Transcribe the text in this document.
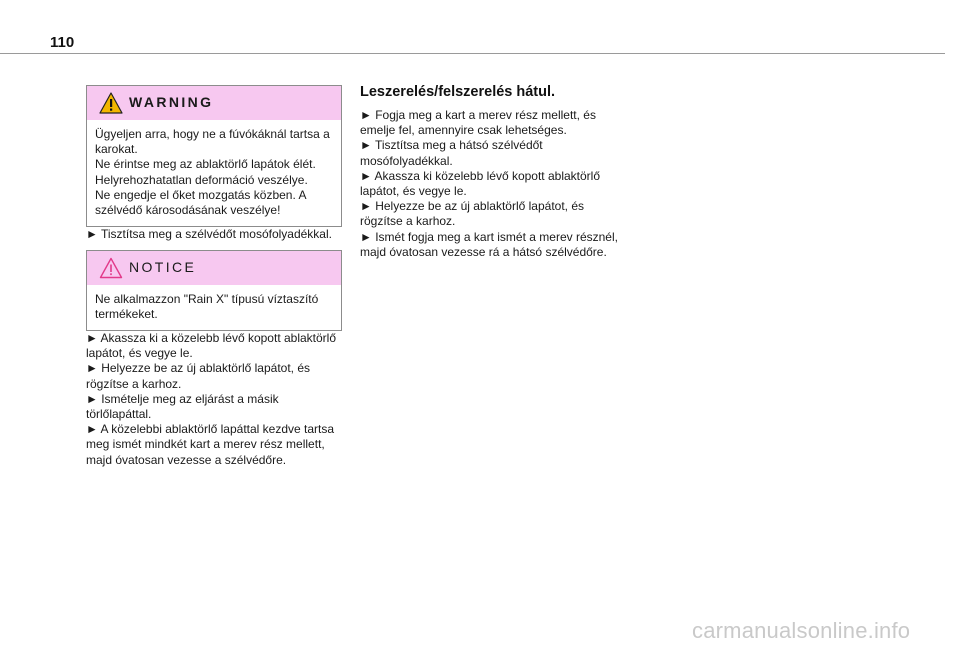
110
WARNING
Ügyeljen arra, hogy ne a fúvókáknál tartsa a
karokat.
Ne érintse meg az ablaktörlő lapátok élét.
Helyrehozhatatlan deformáció veszélye.
Ne engedje el őket mozgatás közben. A
szélvédő károsodásának veszélye!
► Tisztítsa meg a szélvédőt mosófolyadékkal.
NOTICE
Ne alkalmazzon "Rain X" típusú víztaszító
termékeket.
► Akassza ki a közelebb lévő kopott ablaktörlő
lapátot, és vegye le.
► Helyezze be az új ablaktörlő lapátot, és
rögzítse a karhoz.
► Ismételje meg az eljárást a másik
törlőlapáttal.
► A közelebbi ablaktörlő lapáttal kezdve tartsa
meg ismét mindkét kart a merev rész mellett,
majd óvatosan vezesse a szélvédőre.
Leszerelés/felszerelés hátul.
► Fogja meg a kart a merev rész mellett, és
emelje fel, amennyire csak lehetséges.
► Tisztítsa meg a hátsó szélvédőt
mosófolyadékkal.
► Akassza ki közelebb lévő kopott ablaktörlő
lapátot, és vegye le.
► Helyezze be az új ablaktörlő lapátot, és
rögzítse a karhoz.
► Ismét fogja meg a kart ismét a merev résznél,
majd óvatosan vezesse rá a hátsó szélvédőre.
carmanualsonline.info
